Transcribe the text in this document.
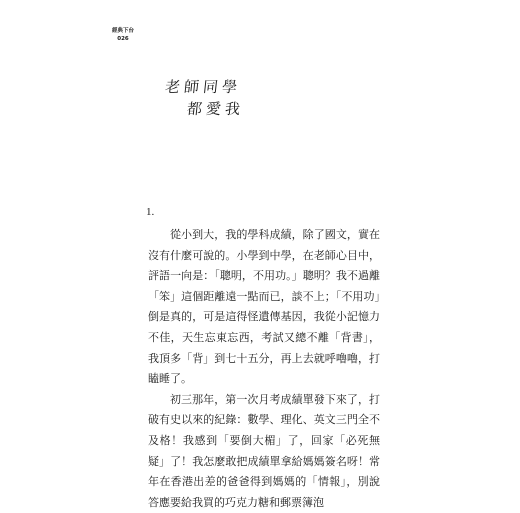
經典下台
026
老師同學
都愛我
1.

從小到大，我的學科成績，除了國文，實在沒有什麼可說的。小學到中學，在老師心目中，評語一向是：「聰明，不用功。」聰明？我不過離「笨」這個距離遠一點而已，談不上；「不用功」倒是真的，可是這得怪遺傳基因，我從小記憶力不佳，天生忘東忘西，考試又總不離「背書」，我頂多「背」到七十五分，再上去就呼嚕嚕，打瞌睡了。

初三那年，第一次月考成績單發下來了，打破有史以來的紀錄：數學、理化、英文三門全不及格！我感到「要倒大楣」了，回家「必死無疑」了！我怎麼敢把成績單拿給媽媽簽名呀！常年在香港出差的爸爸得到媽媽的「情報」，別說答應要給我買的巧克力糖和郵票簿泡
